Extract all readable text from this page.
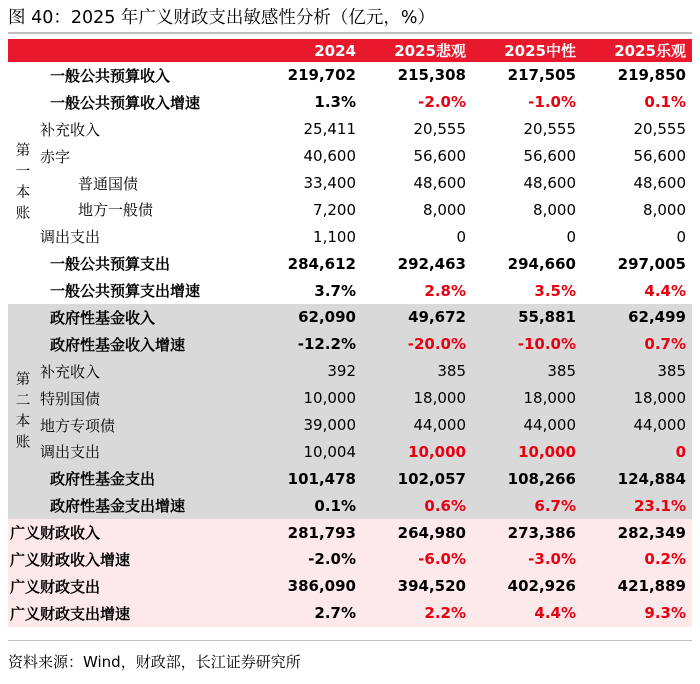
图 40：2025 年广义财政支出敏感性分析（亿元，%）
		2024	2025悲观	2025中性	2025乐观
	一般公共预算收入	219,702	215,308	217,505	219,850
	一般公共预算收入增速	1.3%	-2.0%	-1.0%	0.1%
第一本账	补充收入	25,411	20,555	20,555	20,555
	赤字	40,600	56,600	56,600	56,600
	普通国债	33,400	48,600	48,600	48,600
	地方一般债	7,200	8,000	8,000	8,000
	调出支出	1,100	0	0	0
	一般公共预算支出	284,612	292,463	294,660	297,005
	一般公共预算支出增速	3.7%	2.8%	3.5%	4.4%
	政府性基金收入	62,090	49,672	55,881	62,499
	政府性基金收入增速	-12.2%	-20.0%	-10.0%	0.7%
第二本账	补充收入	392	385	385	385
	特别国债	10,000	18,000	18,000	18,000
	地方专项债	39,000	44,000	44,000	44,000
	调出支出	10,004	10,000	10,000	0
	政府性基金支出	101,478	102,057	108,266	124,884
	政府性基金支出增速	0.1%	0.6%	6.7%	23.1%
广义财政收入		281,793	264,980	273,386	282,349
广义财政收入增速		-2.0%	-6.0%	-3.0%	0.2%
广义财政支出		386,090	394,520	402,926	421,889
广义财政支出增速		2.7%	2.2%	4.4%	9.3%
资料来源：Wind，财政部，长江证券研究所
